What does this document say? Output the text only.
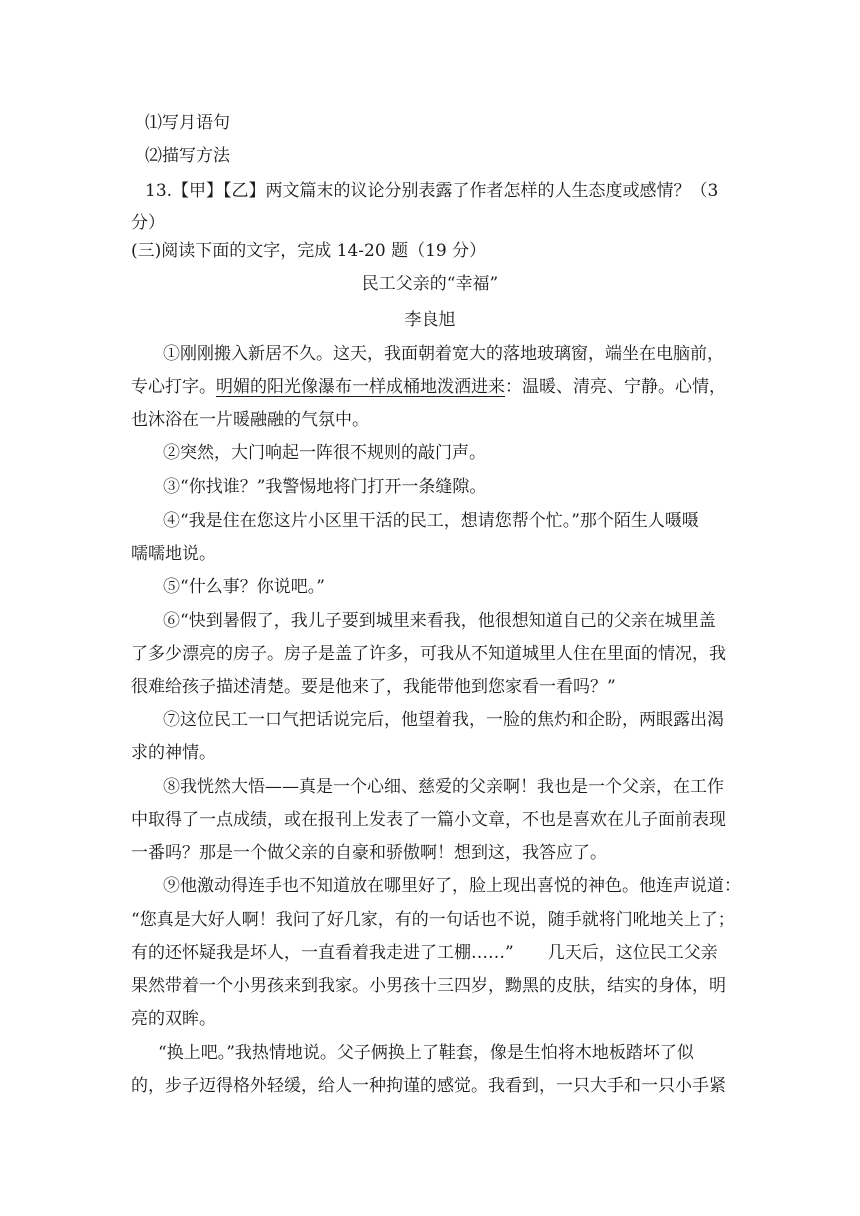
⑴写月语句
⑵描写方法
13.【甲】【乙】两文篇末的议论分别表露了作者怎样的人生态度或感情？（3
分）
(三)阅读下面的文字，完成 14-20 题（19 分）
民工父亲的“幸福”
李良旭
①刚刚搬入新居不久。这天，我面朝着宽大的落地玻璃窗，端坐在电脑前，
专心打字。明媚的阳光像瀑布一样成桶地泼洒进来：温暖、清亮、宁静。心情，
也沐浴在一片暖融融的气氛中。
②突然，大门响起一阵很不规则的敲门声。
③“你找谁？”我警惕地将门打开一条缝隙。
④“我是住在您这片小区里干活的民工，想请您帮个忙。”那个陌生人嗫嗫
嚅嚅地说。
⑤“什么事？你说吧。”
⑥“快到暑假了，我儿子要到城里来看我，他很想知道自己的父亲在城里盖
了多少漂亮的房子。房子是盖了许多，可我从不知道城里人住在里面的情况，我
很难给孩子描述清楚。要是他来了，我能带他到您家看一看吗？”
⑦这位民工一口气把话说完后，他望着我，一脸的焦灼和企盼，两眼露出渴
求的神情。
⑧我恍然大悟——真是一个心细、慈爱的父亲啊！我也是一个父亲，在工作
中取得了一点成绩，或在报刊上发表了一篇小文章，不也是喜欢在儿子面前表现
一番吗？那是一个做父亲的自豪和骄傲啊！想到这，我答应了。
⑨他激动得连手也不知道放在哪里好了，脸上现出喜悦的神色。他连声说道：
“您真是大好人啊！我问了好几家，有的一句话也不说，随手就将门吪地关上了；
有的还怀疑我是坏人，一直看着我走进了工棚……”　　几天后，这位民工父亲
果然带着一个小男孩来到我家。小男孩十三四岁，黝黑的皮肤，结实的身体，明
亮的双眸。
“换上吧。”我热情地说。父子俩换上了鞋套，像是生怕将木地板踏坏了似
的，步子迈得格外轻缓，给人一种拘谨的感觉。我看到，一只大手和一只小手紧
